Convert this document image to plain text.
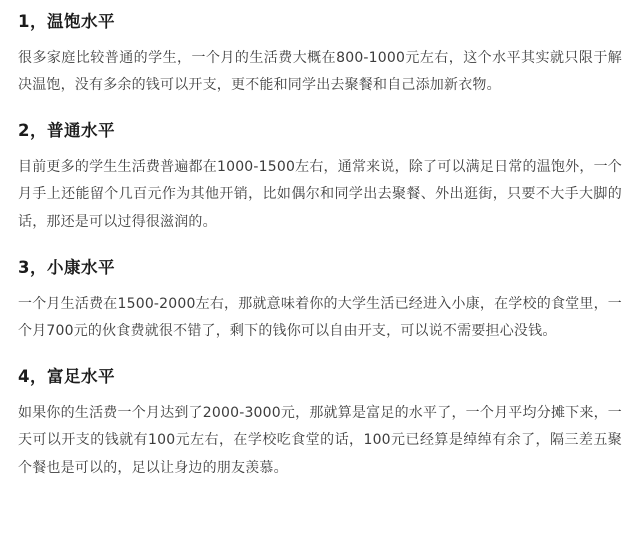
1，温饱水平

很多家庭比较普通的学生，一个月的生活费大概在800-1000元左右，这个水平其实就只限于解决温饱，没有多余的钱可以开支，更不能和同学出去聚餐和自己添加新衣物。

2，普通水平

目前更多的学生生活费普遍都在1000-1500左右，通常来说，除了可以满足日常的温饱外，一个月手上还能留个几百元作为其他开销，比如偶尔和同学出去聚餐、外出逛街，只要不大手大脚的话，那还是可以过得很滋润的。

3，小康水平

一个月生活费在1500-2000左右，那就意味着你的大学生活已经进入小康，在学校的食堂里，一个月700元的伙食费就很不错了，剩下的钱你可以自由开支，可以说不需要担心没钱。

4，富足水平

如果你的生活费一个月达到了2000-3000元，那就算是富足的水平了，一个月平均分摊下来，一天可以开支的钱就有100元左右，在学校吃食堂的话，100元已经算是绰绰有余了，隔三差五聚个餐也是可以的，足以让身边的朋友羡慕。
